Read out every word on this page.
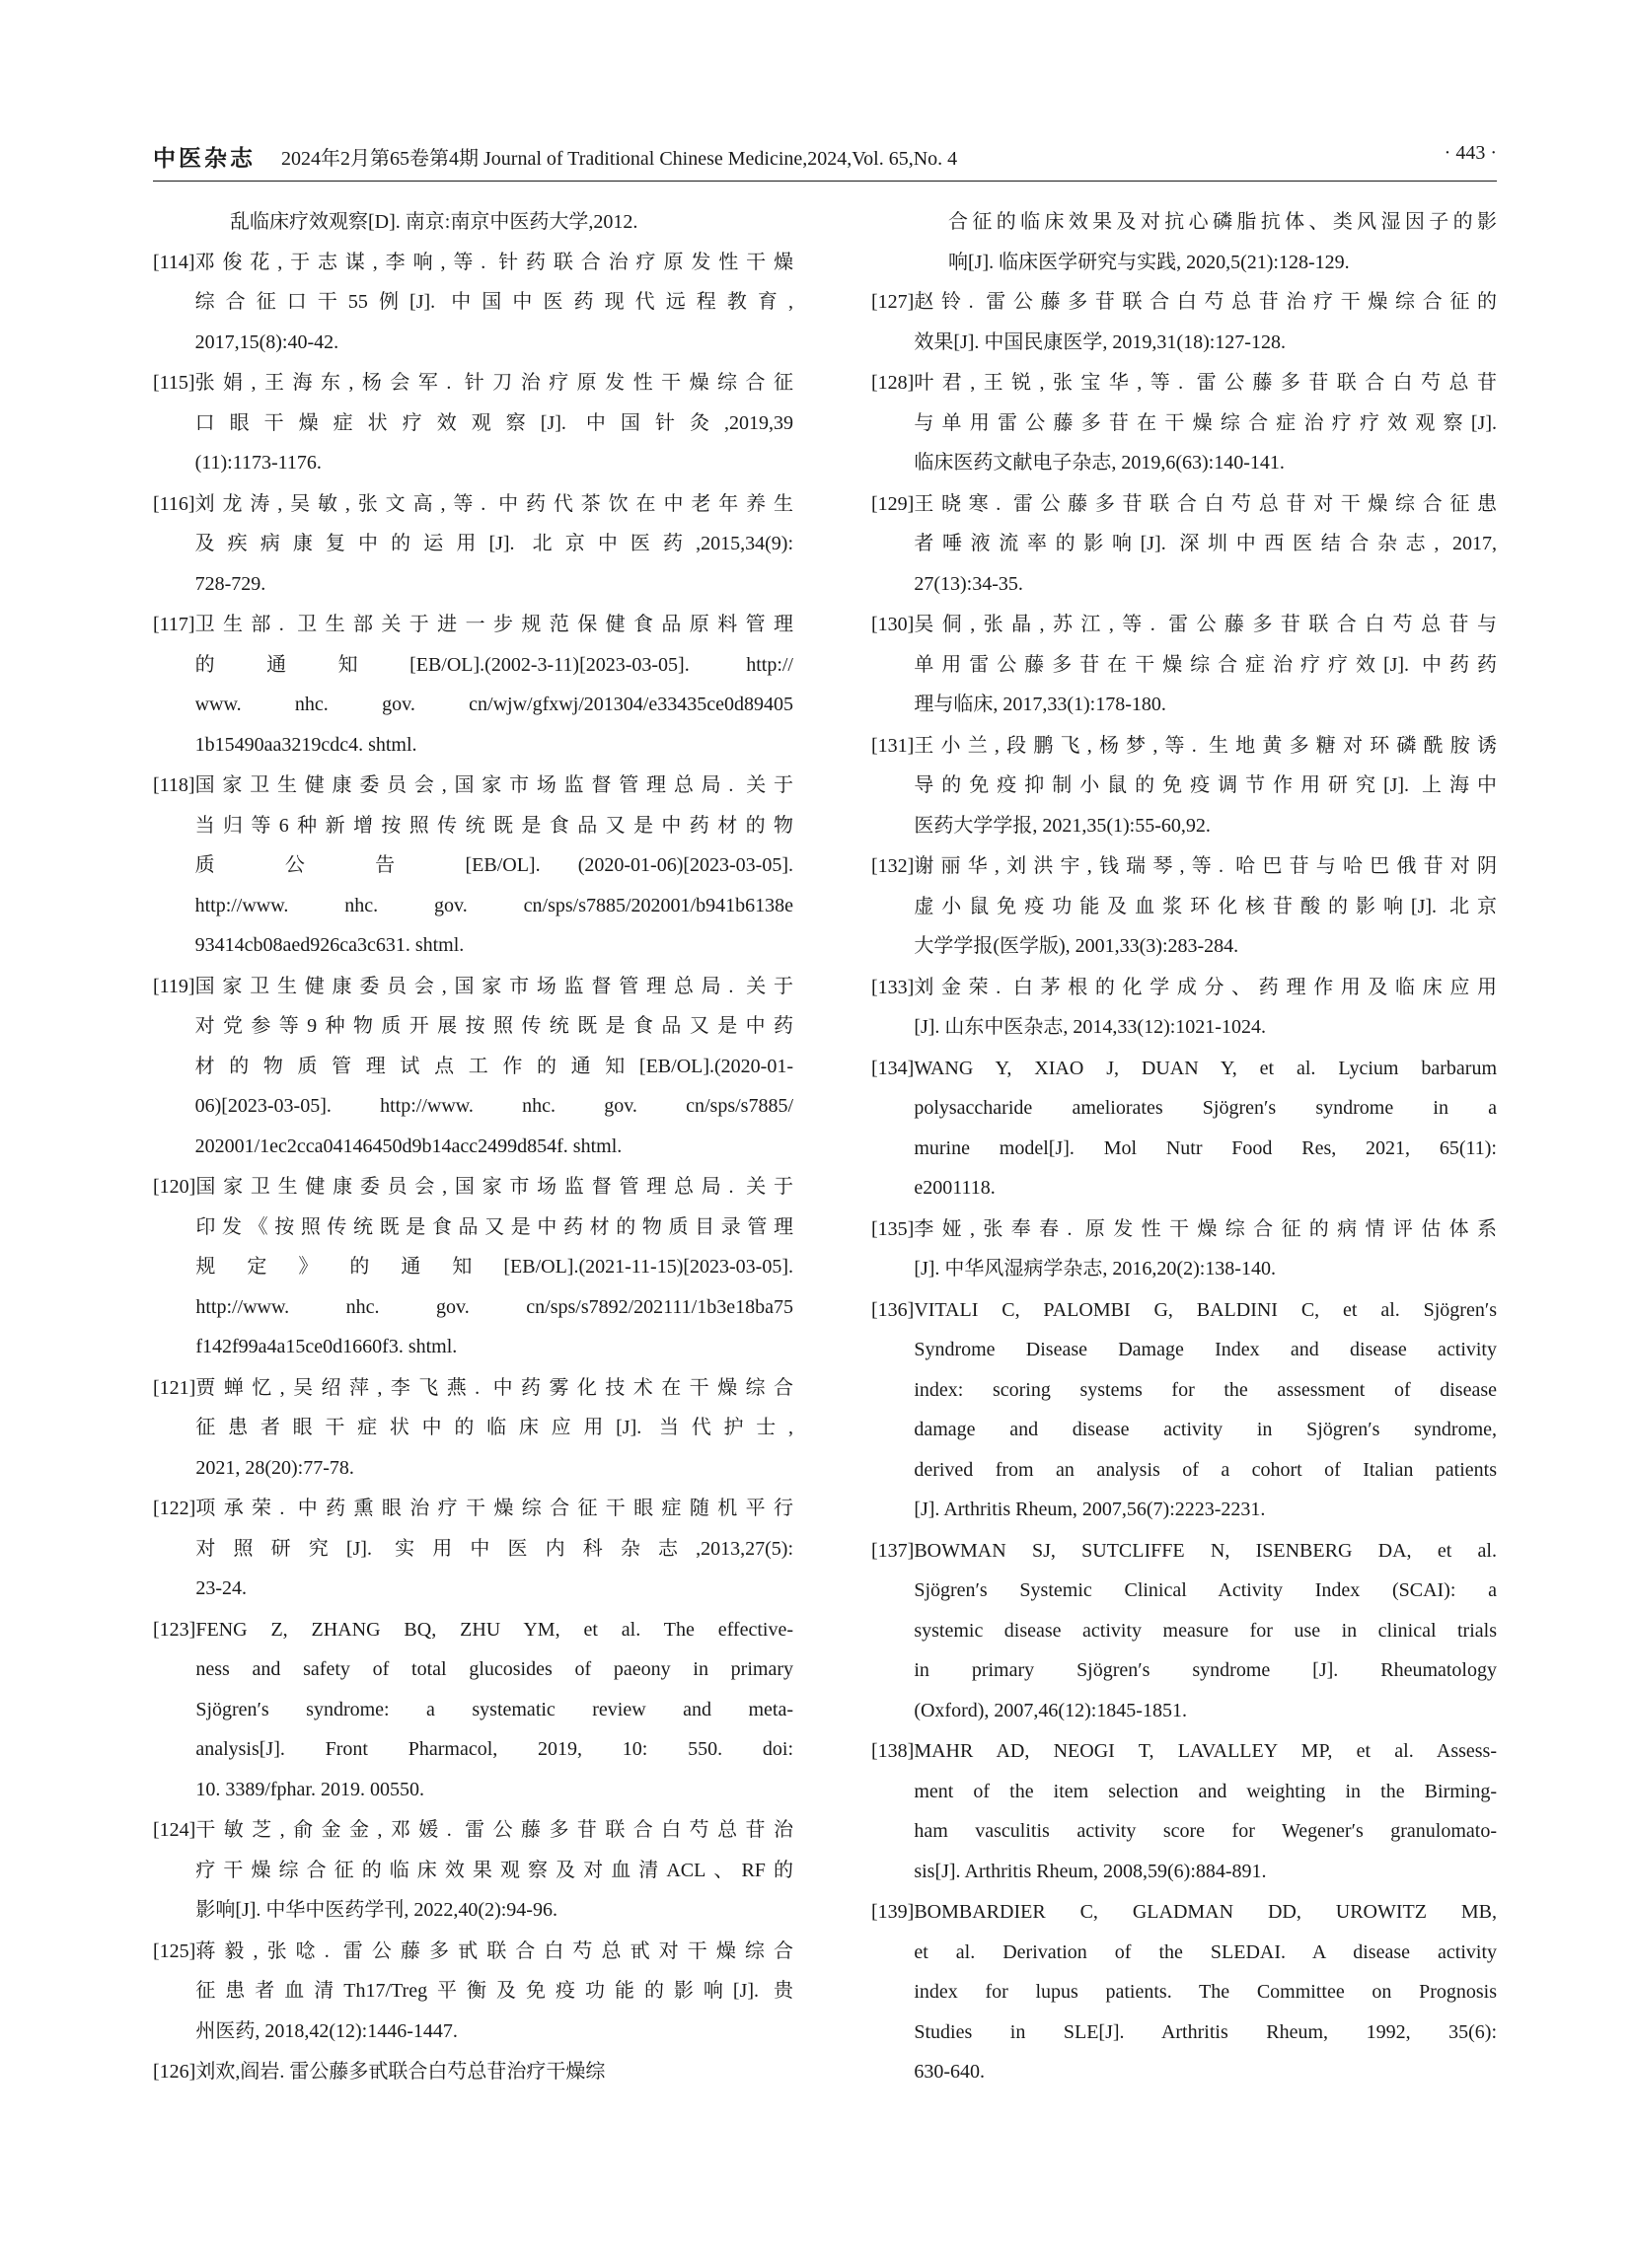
中医杂志 2024年2月第65卷第4期 Journal of Traditional Chinese Medicine,2024,Vol. 65,No. 4	· 443 ·
乱临床疗效观察[D]. 南京:南京中医药大学,2012.
[114] 邓俊花,于志谋,李响,等. 针药联合治疗原发性干燥
综合征口干55例[J]. 中国中医药现代远程教育,
2017,15(8):40-42.
[115] 张娟,王海东,杨会军. 针刀治疗原发性干燥综合征
口眼干燥症状疗效观察[J]. 中国针灸,2019,39
(11):1173-1176.
[116] 刘龙涛,吴敏,张文高,等. 中药代茶饮在中老年养生
及疾病康复中的运用[J]. 北京中医药,2015,34(9):
728-729.
[117] 卫生部. 卫生部关于进一步规范保健食品原料管理
的通知[EB/OL].(2002-3-11)[2023-03-05]. http://
www. nhc. gov. cn/wjw/gfxwj/201304/e33435ce0d89405
1b15490aa3219cdc4. shtml.
[118] 国家卫生健康委员会,国家市场监督管理总局. 关于
当归等6种新增按照传统既是食品又是中药材的物
质 公 告 [EB/OL]. (2020-01-06)[2023-03-05].
http://www. nhc. gov. cn/sps/s7885/202001/b941b6138e
93414cb08aed926ca3c631. shtml.
[119] 国家卫生健康委员会,国家市场监督管理总局. 关于
对党参等9种物质开展按照传统既是食品又是中药
材的物质管理试点工作的通知[EB/OL].(2020-01-
06)[2023-03-05]. http://www. nhc. gov. cn/sps/s7885/
202001/1ec2cca04146450d9b14acc2499d854f. shtml.
[120] 国家卫生健康委员会,国家市场监督管理总局. 关于
印发《按照传统既是食品又是中药材的物质目录管理
规定》的通知[EB/OL].(2021-11-15)[2023-03-05].
http://www. nhc. gov. cn/sps/s7892/202111/1b3e18ba75
f142f99a4a15ce0d1660f3. shtml.
[121] 贾蝉忆,吴绍萍,李飞燕. 中药雾化技术在干燥综合
征患者眼干症状中的临床应用[J]. 当代护士,
2021, 28(20):77-78.
[122] 项承荣. 中药熏眼治疗干燥综合征干眼症随机平行
对照研究[J]. 实用中医内科杂志,2013,27(5):
23-24.
[123] FENG Z, ZHANG BQ, ZHU YM, et al. The effective-
ness and safety of total glucosides of paeony in primary
Sjögren′s syndrome: a systematic review and meta-
analysis[J]. Front Pharmacol, 2019, 10: 550. doi:
10. 3389/fphar. 2019. 00550.
[124] 干敏芝,俞金金,邓媛. 雷公藤多苷联合白芍总苷治
疗干燥综合征的临床效果观察及对血清ACL、RF的
影响[J]. 中华中医药学刊, 2022,40(2):94-96.
[125] 蒋毅,张唸. 雷公藤多甙联合白芍总甙对干燥综合
征患者血清Th17/Treg平衡及免疫功能的影响[J]. 贵
州医药, 2018,42(12):1446-1447.
[126] 刘欢,阎岩. 雷公藤多甙联合白芍总苷治疗干燥综
合征的临床效果及对抗心磷脂抗体、类风湿因子的影
响[J]. 临床医学研究与实践, 2020,5(21):128-129.
[127] 赵铃. 雷公藤多苷联合白芍总苷治疗干燥综合征的
效果[J]. 中国民康医学, 2019,31(18):127-128.
[128] 叶君,王锐,张宝华,等. 雷公藤多苷联合白芍总苷
与单用雷公藤多苷在干燥综合症治疗疗效观察[J].
临床医药文献电子杂志, 2019,6(63):140-141.
[129] 王晓寒. 雷公藤多苷联合白芍总苷对干燥综合征患
者唾液流率的影响[J]. 深圳中西医结合杂志, 2017,
27(13):34-35.
[130] 吴侗,张晶,苏江,等. 雷公藤多苷联合白芍总苷与
单用雷公藤多苷在干燥综合症治疗疗效[J]. 中药药
理与临床, 2017,33(1):178-180.
[131] 王小兰,段鹏飞,杨梦,等. 生地黄多糖对环磷酰胺诱
导的免疫抑制小鼠的免疫调节作用研究[J]. 上海中
医药大学学报, 2021,35(1):55-60,92.
[132] 谢丽华,刘洪宇,钱瑞琴,等. 哈巴苷与哈巴俄苷对阴
虚小鼠免疫功能及血浆环化核苷酸的影响[J]. 北京
大学学报(医学版), 2001,33(3):283-284.
[133] 刘金荣. 白茅根的化学成分、药理作用及临床应用
[J]. 山东中医杂志, 2014,33(12):1021-1024.
[134] WANG Y, XIAO J, DUAN Y, et al. Lycium barbarum
polysaccharide ameliorates Sjögren′s syndrome in a
murine model[J]. Mol Nutr Food Res, 2021, 65(11):
e2001118.
[135] 李娅,张奉春. 原发性干燥综合征的病情评估体系
[J]. 中华风湿病学杂志, 2016,20(2):138-140.
[136] VITALI C, PALOMBI G, BALDINI C, et al. Sjögren′s
Syndrome Disease Damage Index and disease activity
index: scoring systems for the assessment of disease
damage and disease activity in Sjögren′s syndrome,
derived from an analysis of a cohort of Italian patients
[J]. Arthritis Rheum, 2007,56(7):2223-2231.
[137] BOWMAN SJ, SUTCLIFFE N, ISENBERG DA, et al.
Sjögren′s Systemic Clinical Activity Index (SCAI): a
systemic disease activity measure for use in clinical trials
in primary Sjögren′s syndrome [J]. Rheumatology
(Oxford), 2007,46(12):1845-1851.
[138] MAHR AD, NEOGI T, LAVALLEY MP, et al. Assess-
ment of the item selection and weighting in the Birming-
ham vasculitis activity score for Wegener′s granulomato-
sis[J]. Arthritis Rheum, 2008,59(6):884-891.
[139] BOMBARDIER C, GLADMAN DD, UROWITZ MB,
et al. Derivation of the SLEDAI. A disease activity
index for lupus patients. The Committee on Prognosis
Studies in SLE[J]. Arthritis Rheum, 1992, 35(6):
630-640.
